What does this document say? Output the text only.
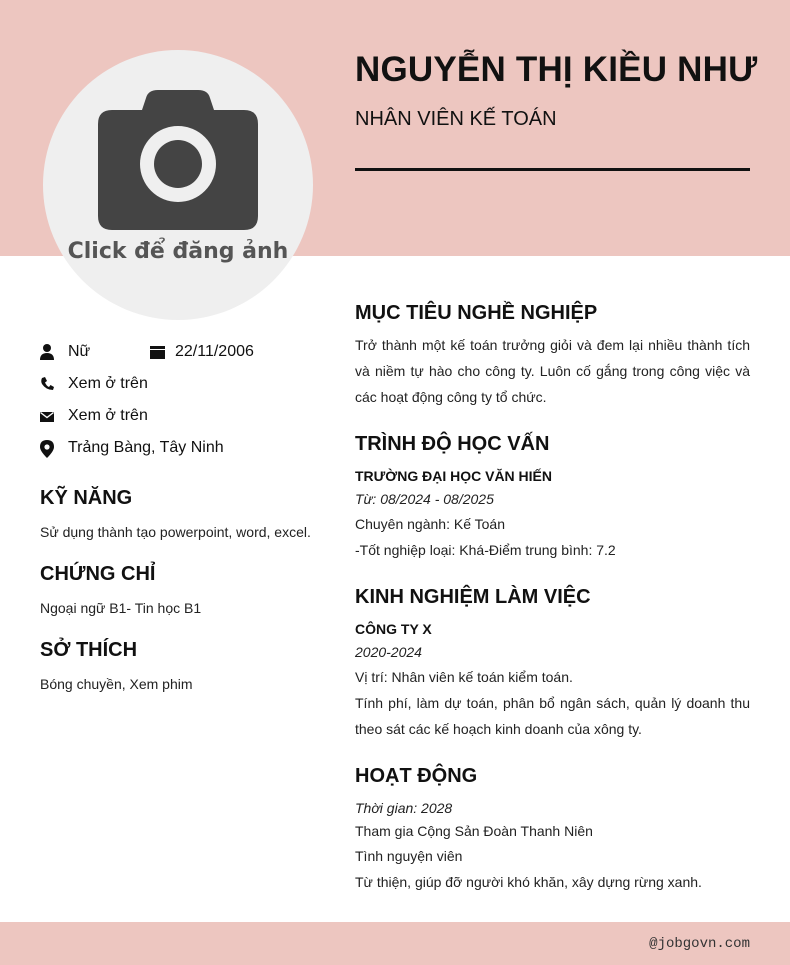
Click để đăng ảnh
NGUYỄN THỊ KIỀU NHƯ
NHÂN VIÊN KẾ TOÁN
Nữ	22/11/2006
Xem ở trên
Xem ở trên
Trảng Bàng, Tây Ninh
KỸ NĂNG
Sử dụng thành tạo powerpoint, word, excel.
CHỨNG CHỈ
Ngoại ngữ B1- Tin học B1
SỞ THÍCH
Bóng chuyền, Xem phim
MỤC TIÊU NGHỀ NGHIỆP
Trở thành một kế toán trưởng giỏi và đem lại nhiều thành tích và niềm tự hào cho công ty. Luôn cố gắng trong công việc và các hoạt động công ty tổ chức.
TRÌNH ĐỘ HỌC VẤN
TRƯỜNG ĐẠI HỌC VĂN HIẾN
Từ: 08/2024 - 08/2025
Chuyên ngành: Kế Toán
-Tốt nghiệp loại: Khá-Điểm trung bình: 7.2
KINH NGHIỆM LÀM VIỆC
CÔNG TY X
2020-2024
Vị trí: Nhân viên kế toán kiểm toán.
Tính phí, làm dự toán, phân bổ ngân sách, quản lý doanh thu theo sát các kế hoạch kinh doanh của xông ty.
HOẠT ĐỘNG
Thời gian: 2028
Tham gia Cộng Sản Đoàn Thanh Niên
Tình nguyện viên
Từ thiện, giúp đỡ người khó khăn, xây dựng rừng xanh.
@jobgovn.com
